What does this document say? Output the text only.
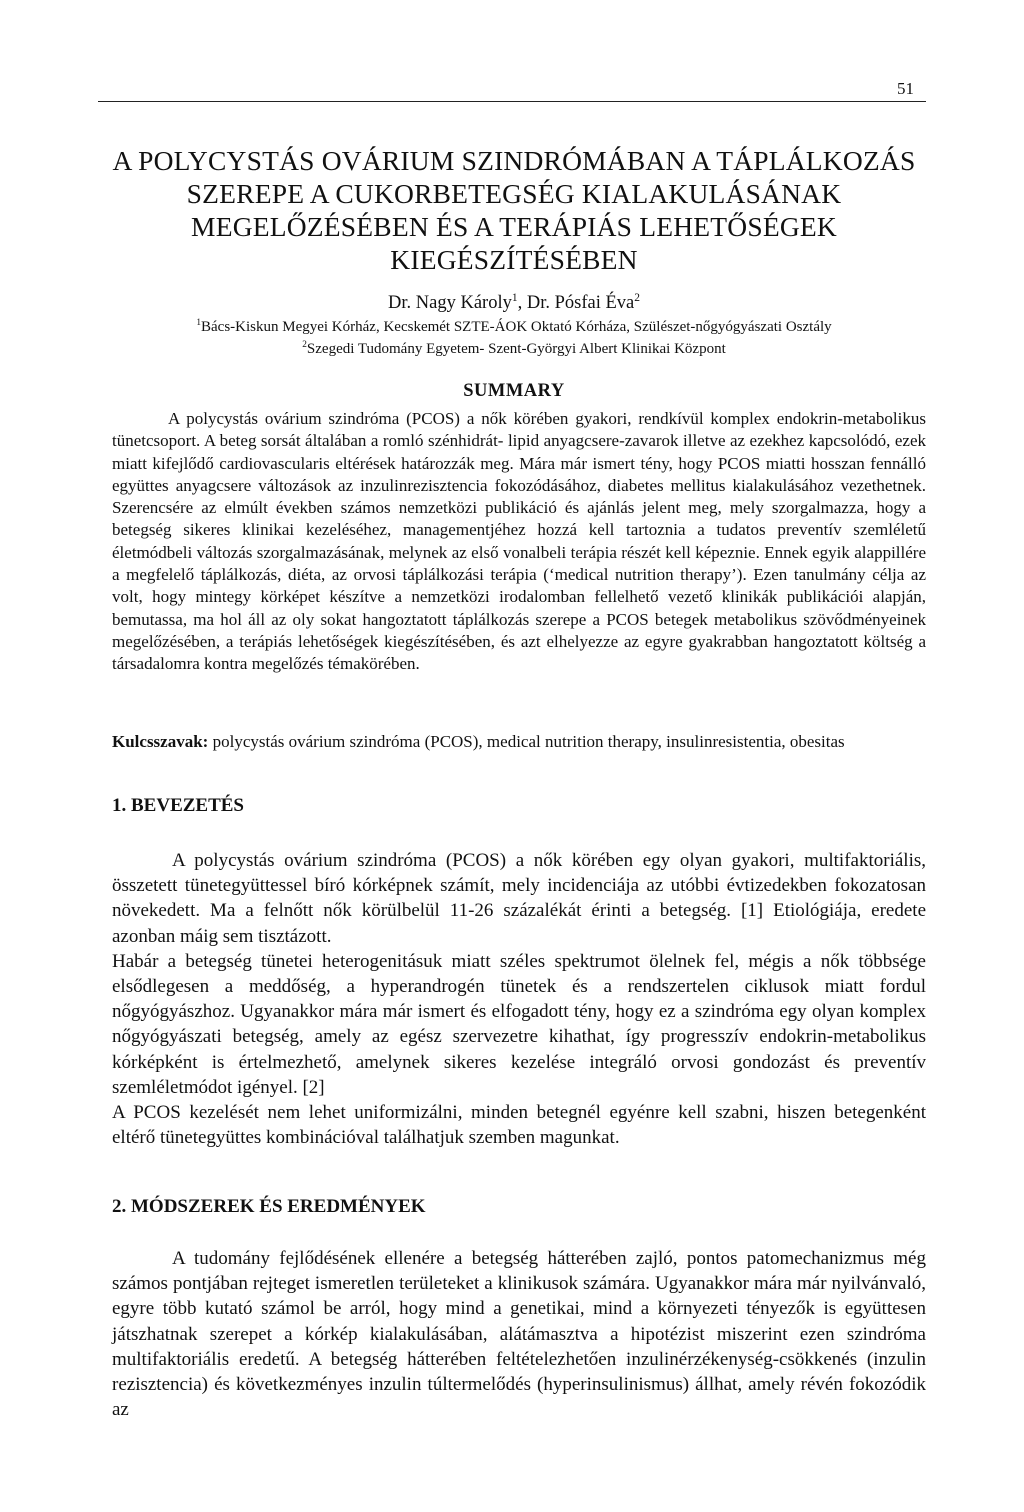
51
A POLYCYSTÁS OVÁRIUM SZINDRÓMÁBAN A TÁPLÁLKOZÁS
SZEREPE A CUKORBETEGSÉG KIALAKULÁSÁNAK
MEGELŐZÉSÉBEN ÉS A TERÁPIÁS LEHETŐSÉGEK
KIEGÉSZÍTÉSÉBEN
Dr. Nagy Károly$^1$, Dr. Pósfai Éva$^2$
$^1$Bács-Kiskun Megyei Kórház, Kecskemét SZTE-ÁOK Oktató Kórháza, Szülészet-nőgyógyászati Osztály
$^2$Szegedi Tudomány Egyetem- Szent-Györgyi Albert Klinikai Központ
SUMMARY

A polycystás ovárium szindróma (PCOS) a nők körében gyakori, rendkívül komplex endokrin-metabolikus tünetcsoport. A beteg sorsát általában a romló szénhidrát- lipid anyagcsere-zavarok illetve az ezekhez kapcsolódó, ezek miatt kifejlődő cardiovascularis eltérések határozzák meg. Mára már ismert tény, hogy PCOS miatti hosszan fennálló együttes anyagcsere változások az inzulinrezisztencia fokozódásához, diabetes mellitus kialakulásához vezethetnek. Szerencsére az elmúlt években számos nemzetközi publikáció és ajánlás jelent meg, mely szorgalmazza, hogy a betegség sikeres klinikai kezeléséhez, managementjéhez hozzá kell tartoznia a tudatos preventív szemléletű életmódbeli változás szorgalmazásának, melynek az első vonalbeli terápia részét kell képeznie. Ennek egyik alappillére a megfelelő táplálkozás, diéta, az orvosi táplálkozási terápia (‘medical nutrition therapy’). Ezen tanulmány célja az volt, hogy mintegy körképet készítve a nemzetközi irodalomban fellelhető vezető klinikák publikációi alapján, bemutassa, ma hol áll az oly sokat hangoztatott táplálkozás szerepe a PCOS betegek metabolikus szövődményeinek megelőzésében, a terápiás lehetőségek kiegészítésében, és azt elhelyezze az egyre gyakrabban hangoztatott költség a társadalomra kontra megelőzés témakörében.

Kulcsszavak: polycystás ovárium szindróma (PCOS), medical nutrition therapy, insulinresistentia, obesitas

1. BEVEZETÉS

A polycystás ovárium szindróma (PCOS) a nők körében egy olyan gyakori, multifaktoriális, összetett tünetegyüttessel bíró kórképnek számít, mely incidenciája az utóbbi évtizedekben fokozatosan növekedett. Ma a felnőtt nők körülbelül 11-26 százalékát érinti a betegség. [1] Etiológiája, eredete azonban máig sem tisztázott.

Habár a betegség tünetei heterogenitásuk miatt széles spektrumot ölelnek fel, mégis a nők többsége elsődlegesen a meddőség, a hyperandrogén tünetek és a rendszertelen ciklusok miatt fordul nőgyógyászhoz. Ugyanakkor mára már ismert és elfogadott tény, hogy ez a szindróma egy olyan komplex nőgyógyászati betegség, amely az egész szervezetre kihathat, így progresszív endokrin-metabolikus kórképként is értelmezhető, amelynek sikeres kezelése integráló orvosi gondozást és preventív szemléletmódot igényel. [2]

A PCOS kezelését nem lehet uniformizálni, minden betegnél egyénre kell szabni, hiszen betegenként eltérő tünetegyüttes kombinációval találhatjuk szemben magunkat.

2. MÓDSZEREK ÉS EREDMÉNYEK

A tudomány fejlődésének ellenére a betegség hátterében zajló, pontos patomechanizmus még számos pontjában rejteget ismeretlen területeket a klinikusok számára. Ugyanakkor mára már nyilvánvaló, egyre több kutató számol be arról, hogy mind a genetikai, mind a környezeti tényezők is együttesen játszhatnak szerepet a kórkép kialakulásában, alátámasztva a hipotézist miszerint ezen szindróma multifaktoriális eredetű. A betegség hátterében feltételezhetően inzulinérzékenység-csökkenés (inzulin rezisztencia) és következményes inzulin túltermelődés (hyperinsulinismus) állhat, amely révén fokozódik az
